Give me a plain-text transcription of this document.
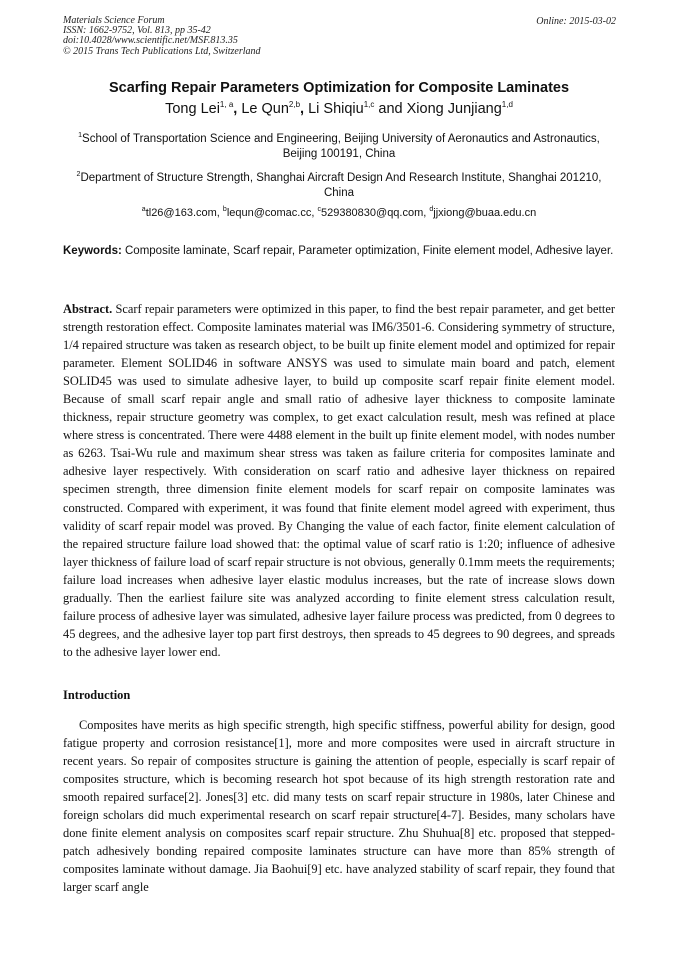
Materials Science Forum
ISSN: 1662-9752, Vol. 813, pp 35-42
doi:10.4028/www.scientific.net/MSF.813.35
© 2015 Trans Tech Publications Ltd, Switzerland
Online: 2015-03-02
Scarfing Repair Parameters Optimization for Composite Laminates
Tong Lei$^{1, a}$, Le Qun$^{2,b}$, Li Shiqiu$^{1,c}$ and Xiong Junjiang$^{1,d}$
$^1$School of Transportation Science and Engineering, Beijing University of Aeronautics and Astronautics, Beijing 100191, China
$^2$Department of Structure Strength, Shanghai Aircraft Design And Research Institute, Shanghai 201210, China
$^a$tl26@163.com, $^b$lequn@comac.cc, $^c$529380830@qq.com, $^d$jjxiong@buaa.edu.cn
Keywords: Composite laminate, Scarf repair, Parameter optimization, Finite element model, Adhesive layer.
Abstract. Scarf repair parameters were optimized in this paper, to find the best repair parameter, and get better strength restoration effect. Composite laminates material was IM6/3501-6. Considering symmetry of structure, 1/4 repaired structure was taken as research object, to be built up finite element model and optimized for repair parameter. Element SOLID46 in software ANSYS was used to simulate main board and patch, element SOLID45 was used to simulate adhesive layer, to build up composite scarf repair finite element model. Because of small scarf repair angle and small ratio of adhesive layer thickness to composite laminate thickness, repair structure geometry was complex, to get exact calculation result, mesh was refined at place where stress is concentrated. There were 4488 element in the built up finite element model, with nodes number as 6263. Tsai-Wu rule and maximum shear stress was taken as failure criteria for composites laminate and adhesive layer respectively. With consideration on scarf ratio and adhesive layer thickness on repaired specimen strength, three dimension finite element models for scarf repair on composite laminates was constructed. Compared with experiment, it was found that finite element model agreed with experiment, thus validity of scarf repair model was proved. By Changing the value of each factor, finite element calculation of the repaired structure failure load showed that: the optimal value of scarf ratio is 1:20; influence of adhesive layer thickness of failure load of scarf repair structure is not obvious, generally 0.1mm meets the requirements; failure load increases when adhesive layer elastic modulus increases, but the rate of increase slows down gradually. Then the earliest failure site was analyzed according to finite element stress calculation result, failure process of adhesive layer was simulated, adhesive layer failure process was predicted, from 0 degrees to 45 degrees, and the adhesive layer top part first destroys, then spreads to 45 degrees to 90 degrees, and spreads to the adhesive layer lower end.
Introduction
Composites have merits as high specific strength, high specific stiffness, powerful ability for design, good fatigue property and corrosion resistance[1], more and more composites were used in aircraft structure in recent years. So repair of composites structure is gaining the attention of people, especially is scarf repair of composites structure, which is becoming research hot spot because of its high strength restoration rate and smooth repaired surface[2]. Jones[3] etc. did many tests on scarf repair structure in 1980s, later Chinese and foreign scholars did much experimental research on scarf repair structure[4-7]. Besides, many scholars have done finite element analysis on composites scarf repair structure. Zhu Shuhua[8] etc. proposed that stepped-patch adhesively bonding repaired composite laminates structure can have more than 85% strength of composites laminate without damage. Jia Baohui[9] etc. have analyzed stability of scarf repair, they found that larger scarf angle
